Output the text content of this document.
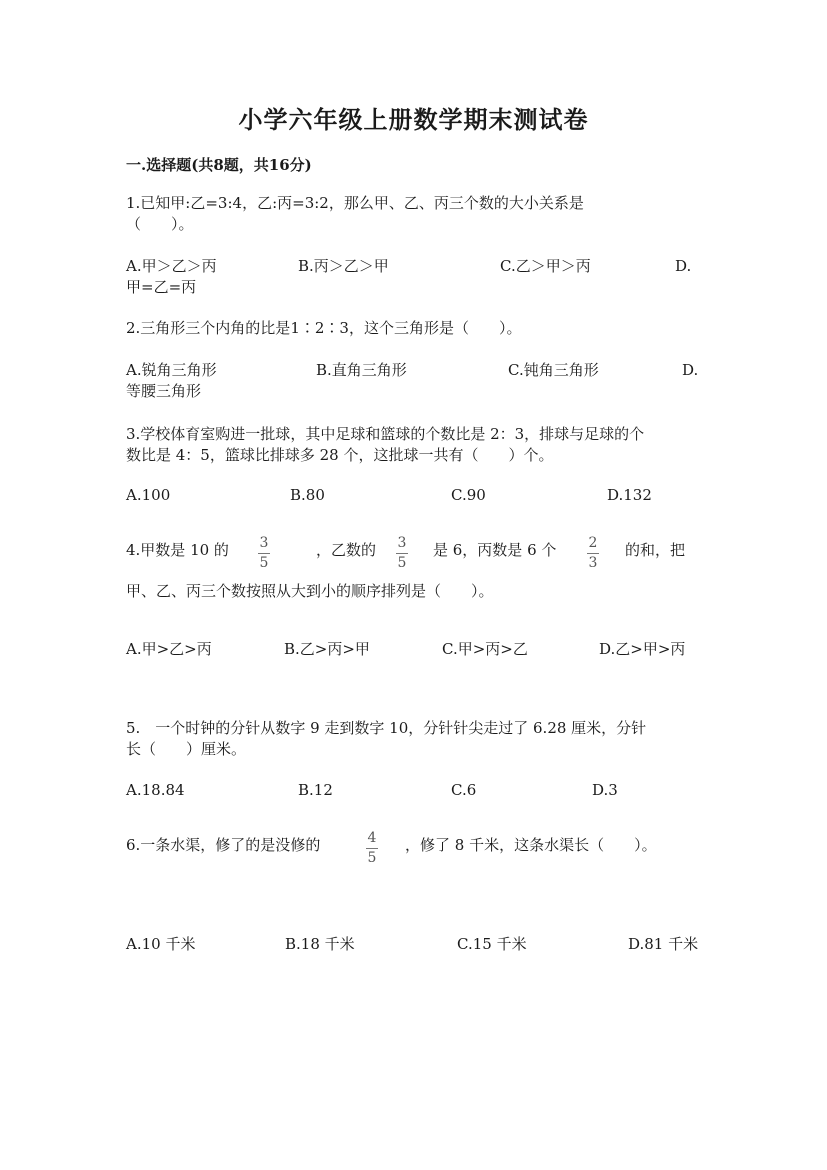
小学六年级上册数学期末测试卷
一.选择题(共8题，共16分)
1.已知甲:乙=3:4，乙:丙=3:2，那么甲、乙、丙三个数的大小关系是
（　　）。
A.甲＞乙＞丙	B.丙＞乙＞甲	C.乙＞甲＞丙	D.
甲=乙=丙
2.三角形三个内角的比是1∶2∶3，这个三角形是（　　）。
A.锐角三角形	B.直角三角形	C.钝角三角形	D.
等腰三角形
3.学校体育室购进一批球，其中足球和篮球的个数比是 2：3，排球与足球的个
数比是 4：5，篮球比排球多 28 个，这批球一共有（　　）个。
A.100	B.80	C.90	D.132
4.甲数是 10 的 3
5
，乙数的 3
5
是 6，丙数是 6 个 2
3
的和，把
甲、乙、丙三个数按照从大到小的顺序排列是（　　）。
A.甲>乙>丙	B.乙>丙>甲	C.甲>丙>乙	D.乙>甲>丙
5.　一个时钟的分针从数字 9 走到数字 10，分针针尖走过了 6.28 厘米，分针
长（　　）厘米。
A.18.84	B.12	C.6	D.3
6.一条水渠，修了的是没修的	4
5
，修了 8 千米，这条水渠长（　　）。
A.10 千米	B.18 千米	C.15 千米	D.81 千米
